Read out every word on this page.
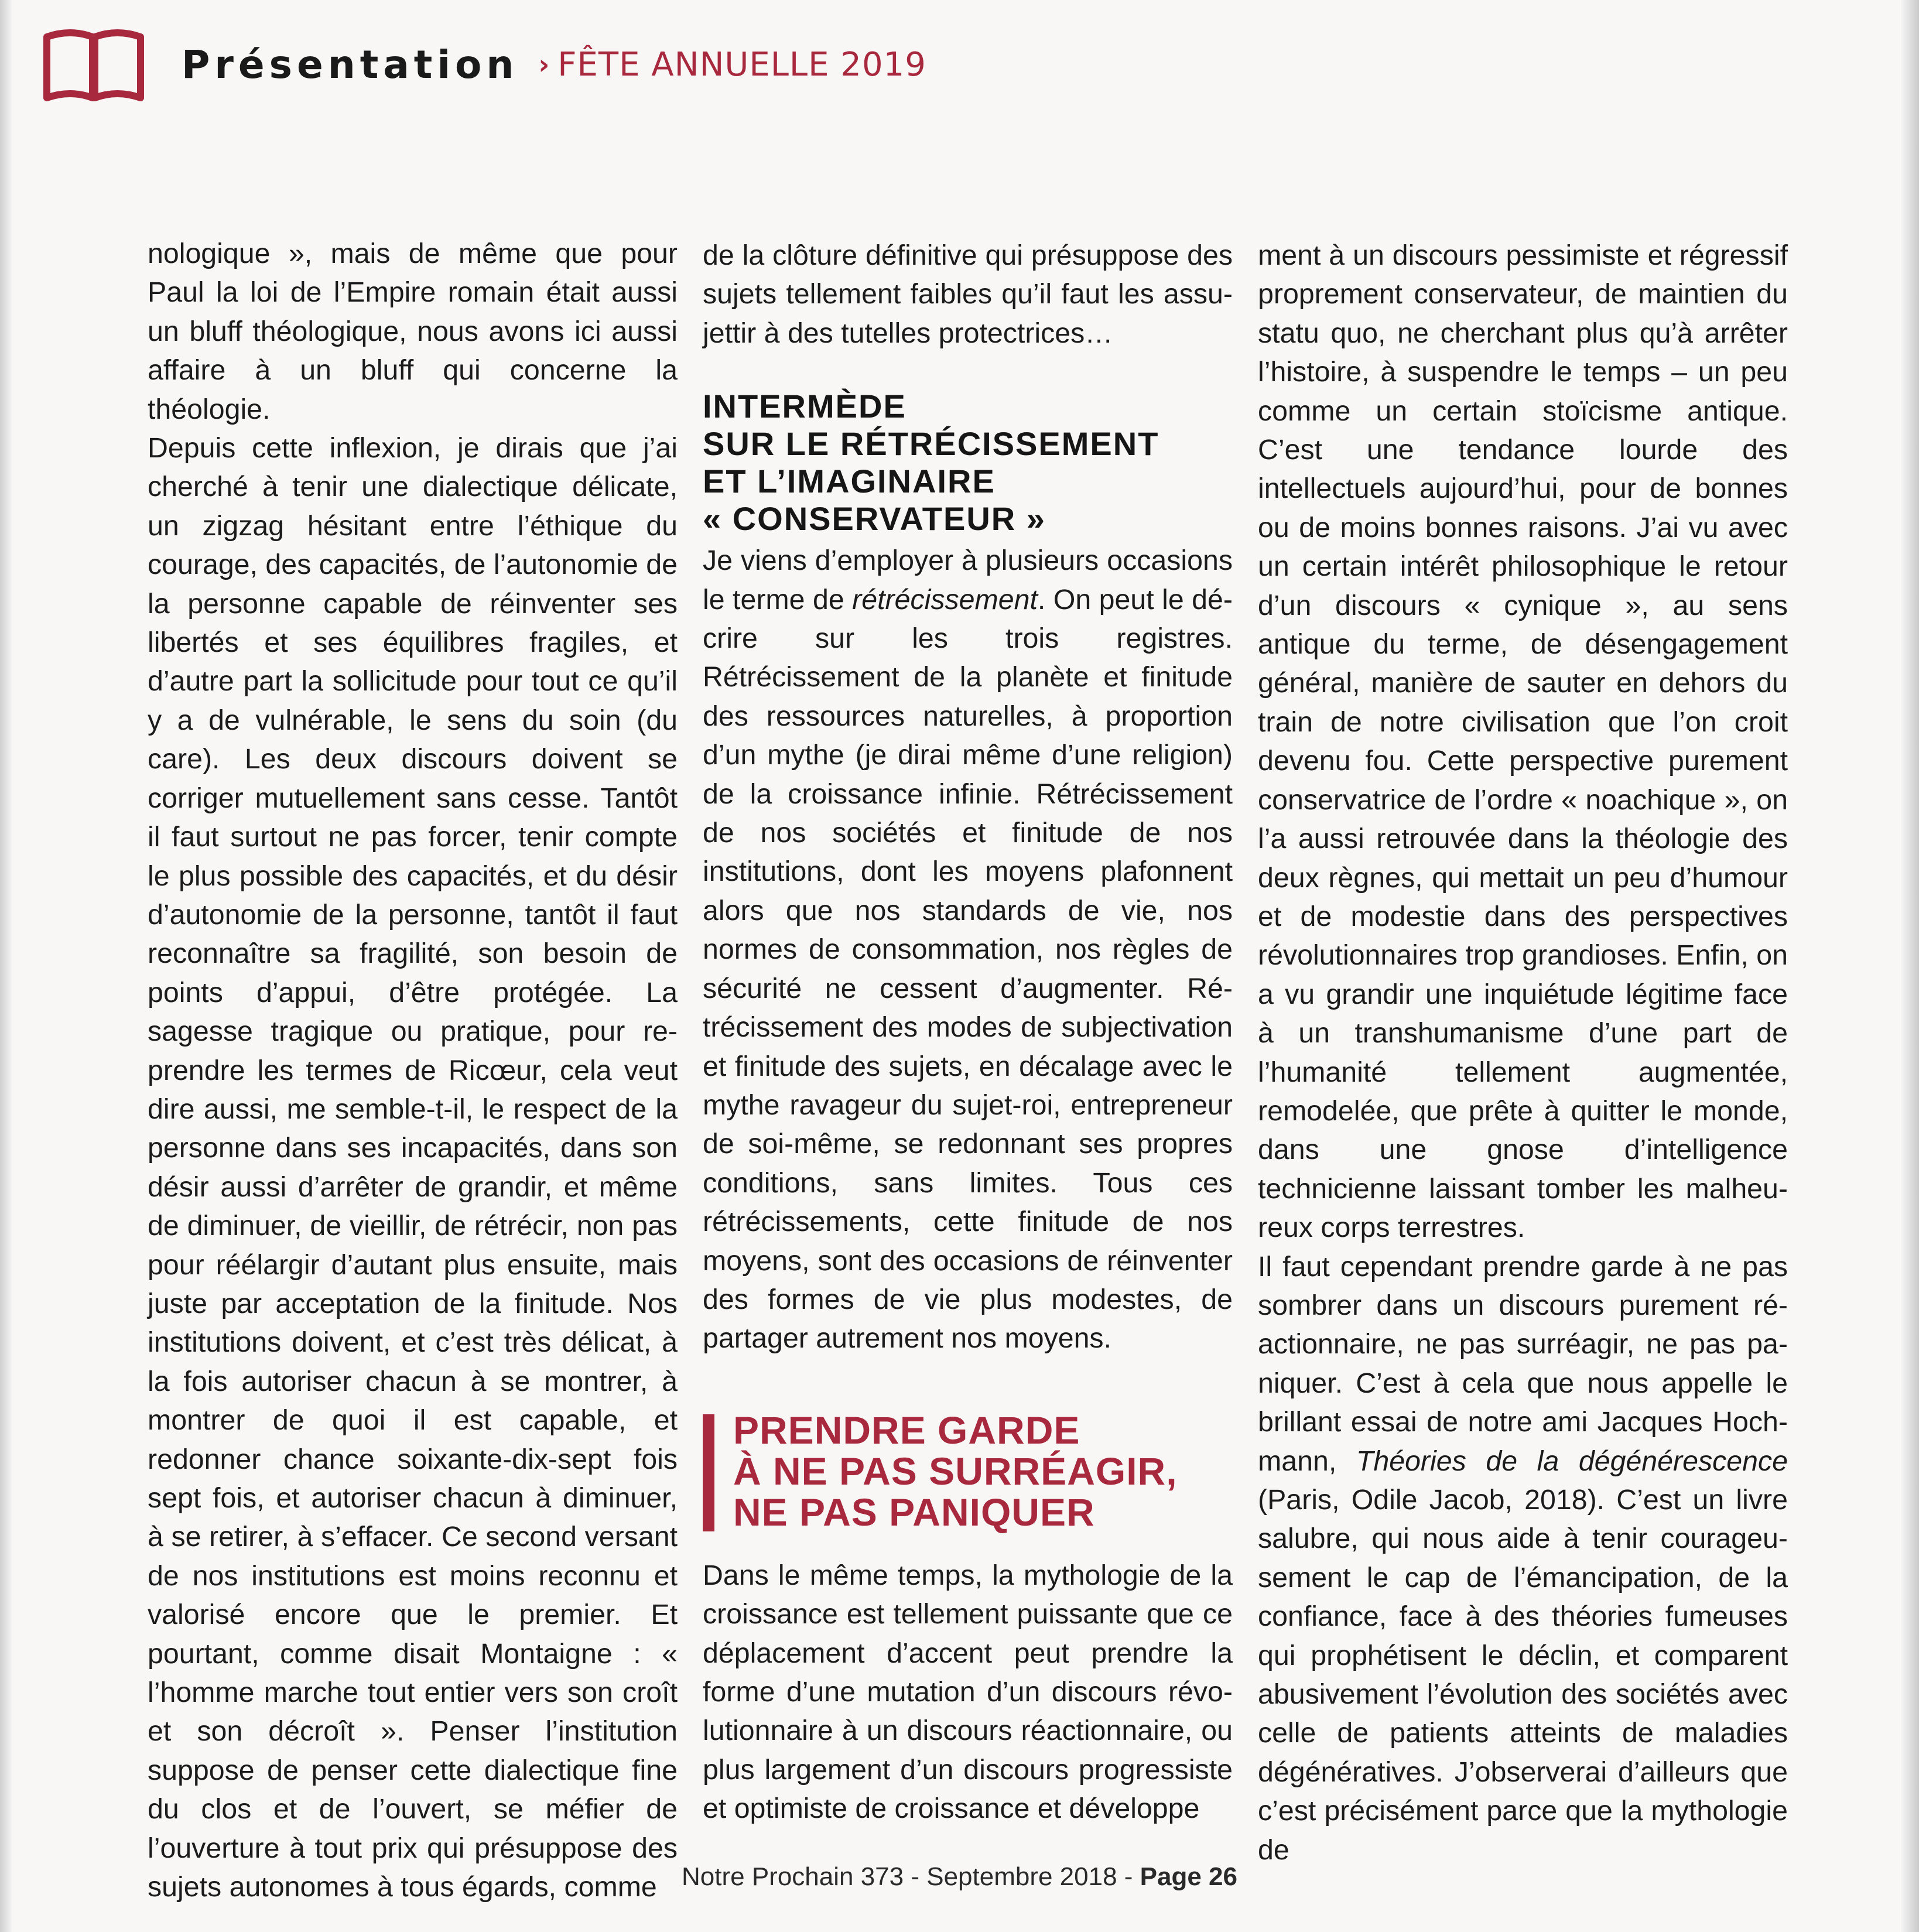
Présentation › FÊTE ANNUELLE 2019

nologique », mais de même que pour Paul la loi de l’Empire romain était aussi un bluff théologique, nous avons ici aussi affaire à un bluff qui concerne la théologie.

Depuis cette inflexion, je dirais que j’ai cherché à tenir une dialectique délicate, un zigzag hésitant entre l’éthique du courage, des capacités, de l’autonomie de la personne capable de réinventer ses libertés et ses équilibres fragiles, et d’autre part la sollicitude pour tout ce qu’il y a de vulnérable, le sens du soin (du care). Les deux discours doivent se corriger mutuellement sans cesse. Tantôt il faut surtout ne pas forcer, tenir compte le plus possible des capacités, et du désir d’autonomie de la personne, tantôt il faut reconnaître sa fragilité, son besoin de points d’appui, d’être protégée. La sagesse tragique ou pratique, pour reprendre les termes de Ricœur, cela veut dire aussi, me semble-t-il, le respect de la personne dans ses incapacités, dans son désir aussi d’arrêter de grandir, et même de diminuer, de vieillir, de rétrécir, non pas pour réélargir d’autant plus ensuite, mais juste par acceptation de la finitude. Nos institutions doivent, et c’est très délicat, à la fois autoriser chacun à se montrer, à montrer de quoi il est capable, et redonner chance soixante-dix-sept fois sept fois, et autoriser chacun à diminuer, à se retirer, à s’effacer. Ce second versant de nos institutions est moins reconnu et valorisé encore que le premier. Et pourtant, comme disait Montaigne : « l’homme marche tout entier vers son croît et son décroît ». Penser l’institution suppose de penser cette dialectique fine du clos et de l’ouvert, se méfier de l’ouverture à tout prix qui présuppose des sujets autonomes à tous égards, comme

de la clôture définitive qui présuppose des sujets tellement faibles qu’il faut les assujettir à des tutelles protectrices…

INTERMÈDE
SUR LE RÉTRÉCISSEMENT
ET L’IMAGINAIRE
« CONSERVATEUR »

Je viens d’employer à plusieurs occasions le terme de rétrécissement. On peut le décrire sur les trois registres. Rétrécissement de la planète et finitude des ressources naturelles, à proportion d’un mythe (je dirai même d’une religion) de la croissance infinie. Rétrécissement de nos sociétés et finitude de nos institutions, dont les moyens plafonnent alors que nos standards de vie, nos normes de consommation, nos règles de sécurité ne cessent d’augmenter. Rétrécissement des modes de subjectivation et finitude des sujets, en décalage avec le mythe ravageur du sujet-roi, entrepreneur de soi-même, se redonnant ses propres conditions, sans limites. Tous ces rétrécissements, cette finitude de nos moyens, sont des occasions de réinventer des formes de vie plus modestes, de partager autrement nos moyens.

PRENDRE GARDE
À NE PAS SURRÉAGIR,
NE PAS PANIQUER

Dans le même temps, la mythologie de la croissance est tellement puissante que ce déplacement d’accent peut prendre la forme d’une mutation d’un discours révolutionnaire à un discours réactionnaire, ou plus largement d’un discours progressiste et optimiste de croissance et développe

ment à un discours pessimiste et régressif proprement conservateur, de maintien du statu quo, ne cherchant plus qu’à arrêter l’histoire, à suspendre le temps – un peu comme un certain stoïcisme antique. C’est une tendance lourde des intellectuels aujourd’hui, pour de bonnes ou de moins bonnes raisons. J’ai vu avec un certain intérêt philosophique le retour d’un discours « cynique », au sens antique du terme, de désengagement général, manière de sauter en dehors du train de notre civilisation que l’on croit devenu fou. Cette perspective purement conservatrice de l’ordre « noachique », on l’a aussi retrouvée dans la théologie des deux règnes, qui mettait un peu d’humour et de modestie dans des perspectives révolutionnaires trop grandioses. Enfin, on a vu grandir une inquiétude légitime face à un transhumanisme d’une part de l’humanité tellement augmentée, remodelée, que prête à quitter le monde, dans une gnose d’intelligence technicienne laissant tomber les malheureux corps terrestres.

Il faut cependant prendre garde à ne pas sombrer dans un discours purement réactionnaire, ne pas surréagir, ne pas paniquer. C’est à cela que nous appelle le brillant essai de notre ami Jacques Hochmann, Théories de la dégénérescence (Paris, Odile Jacob, 2018). C’est un livre salubre, qui nous aide à tenir courageusement le cap de l’émancipation, de la confiance, face à des théories fumeuses qui prophétisent le déclin, et comparent abusivement l’évolution des sociétés avec celle de patients atteints de maladies dégénératives. J’observerai d’ailleurs que c’est précisément parce que la mythologie de

Notre Prochain 373 - Septembre 2018 - Page 26
